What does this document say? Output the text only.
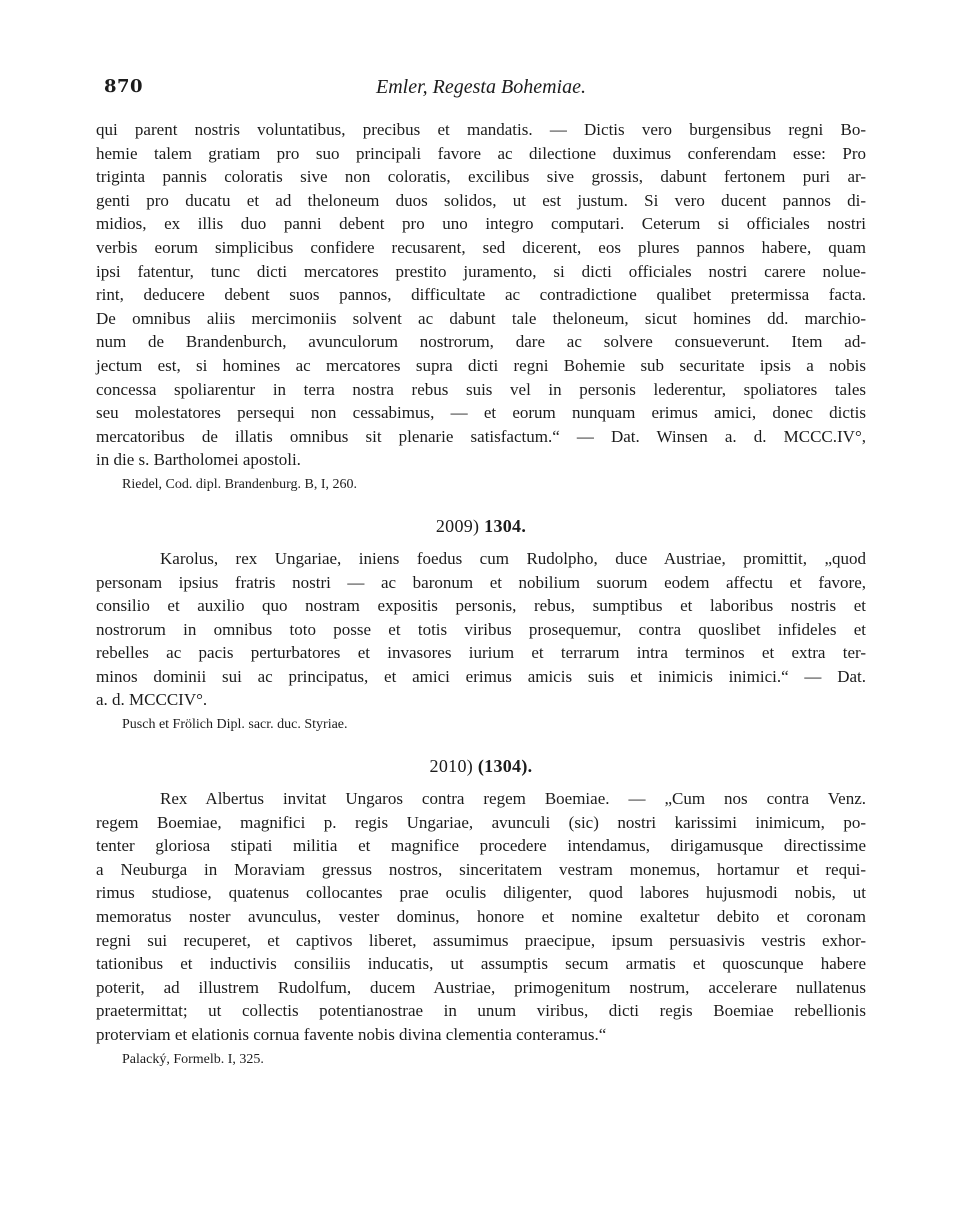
870	Emler, Regesta Bohemiae.
qui parent nostris voluntatibus, precibus et mandatis. — Dictis vero burgensibus regni Bo-
hemie talem gratiam pro suo principali favore ac dilectione duximus conferendam esse: Pro
triginta pannis coloratis sive non coloratis, excilibus sive grossis, dabunt fertonem puri ar-
genti pro ducatu et ad theloneum duos solidos, ut est justum. Si vero ducent pannos di-
midios, ex illis duo panni debent pro uno integro computari. Ceterum si officiales nostri
verbis eorum simplicibus confidere recusarent, sed dicerent, eos plures pannos habere, quam
ipsi fatentur, tunc dicti mercatores prestito juramento, si dicti officiales nostri carere nolue-
rint, deducere debent suos pannos, difficultate ac contradictione qualibet pretermissa facta.
De omnibus aliis mercimoniis solvent ac dabunt tale theloneum, sicut homines dd. marchio-
num de Brandenburch, avunculorum nostrorum, dare ac solvere consueverunt. Item ad-
jectum est, si homines ac mercatores supra dicti regni Bohemie sub securitate ipsis a nobis
concessa spoliarentur in terra nostra rebus suis vel in personis lederentur, spoliatores tales
seu molestatores persequi non cessabimus, — et eorum nunquam erimus amici, donec dictis
mercatoribus de illatis omnibus sit plenarie satisfactum.“ — Dat. Winsen a. d. MCCC.IV°,
in die s. Bartholomei apostoli.
Riedel, Cod. dipl. Brandenburg. B, I, 260.
2009) 1304.
Karolus, rex Ungariae, iniens foedus cum Rudolpho, duce Austriae, promittit, „quod
personam ipsius fratris nostri — ac baronum et nobilium suorum eodem affectu et favore,
consilio et auxilio quo nostram expositis personis, rebus, sumptibus et laboribus nostris et
nostrorum in omnibus toto posse et totis viribus prosequemur, contra quoslibet infideles et
rebelles ac pacis perturbatores et invasores iurium et terrarum intra terminos et extra ter-
minos dominii sui ac principatus, et amici erimus amicis suis et inimicis inimici.“ — Dat.
a. d. MCCCIV°.
Pusch et Frölich Dipl. sacr. duc. Styriae.
2010) (1304).
Rex Albertus invitat Ungaros contra regem Boemiae. — „Cum nos contra Venz.
regem Boemiae, magnifici p. regis Ungariae, avunculi (sic) nostri karissimi inimicum, po-
tenter gloriosa stipati militia et magnifice procedere intendamus, dirigamusque directissime
a Neuburga in Moraviam gressus nostros, sinceritatem vestram monemus, hortamur et requi-
rimus studiose, quatenus collocantes prae oculis diligenter, quod labores hujusmodi nobis, ut
memoratus noster avunculus, vester dominus, honore et nomine exaltetur debito et coronam
regni sui recuperet, et captivos liberet, assumimus praecipue, ipsum persuasivis vestris exhor-
tationibus et inductivis consiliis inducatis, ut assumptis secum armatis et quoscunque habere
poterit, ad illustrem Rudolfum, ducem Austriae, primogenitum nostrum, accelerare nullatenus
praetermittat; ut collectis potentianostrae in unum viribus, dicti regis Boemiae rebellionis
proterviam et elationis cornua favente nobis divina clementia conteramus.“
Palacký, Formelb. I, 325.
